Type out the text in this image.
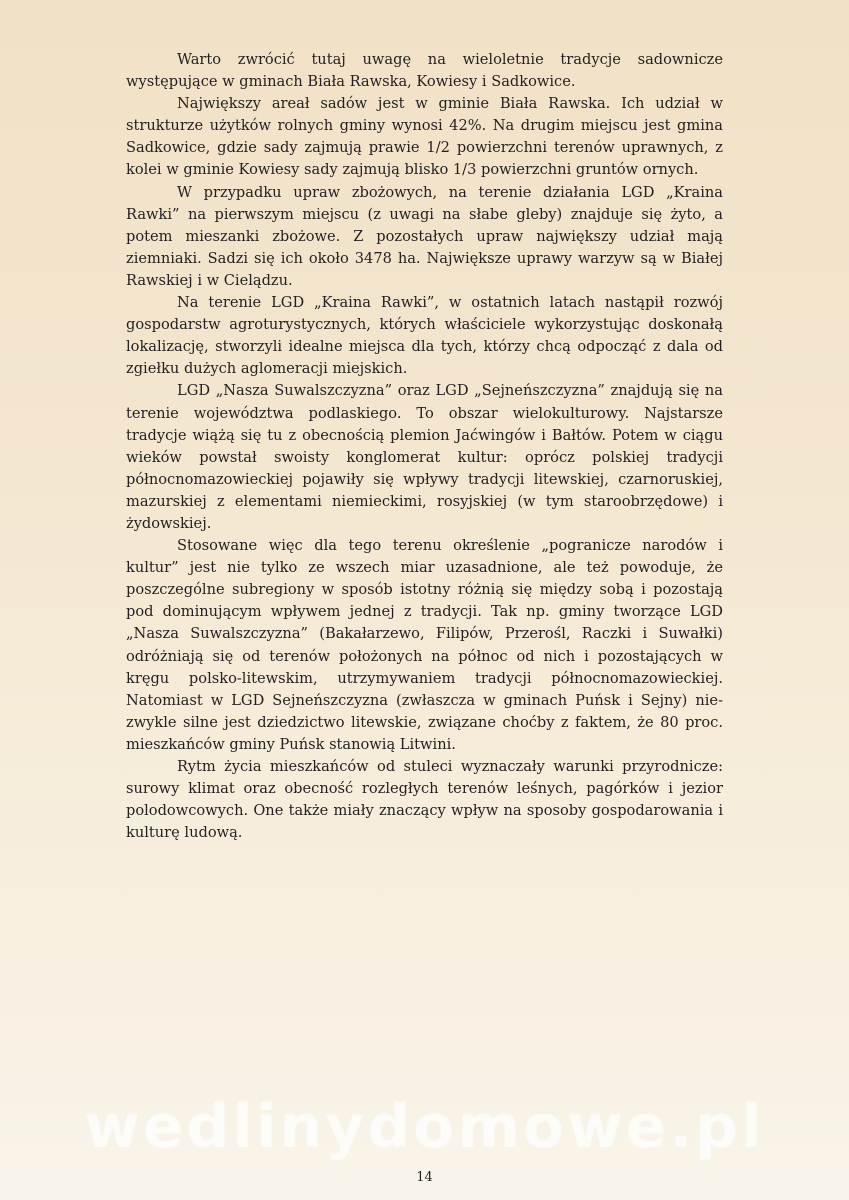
Warto zwrócić tutaj uwagę na wieloletnie tradycje sadownicze występujące w gminach Biała Rawska, Kowiesy i Sadkowice.

Największy areał sadów jest w gminie Biała Rawska. Ich udział w strukturze użytków rolnych gminy wynosi 42%. Na drugim miejscu jest gmina Sadkowice, gdzie sady zajmują prawie 1/2 powierzchni terenów uprawnych, z kolei w gminie Kowiesy sady zajmują blisko 1/3 powierzchni gruntów ornych.

W przypadku upraw zbożowych, na terenie działania LGD „Kraina Rawki” na pierwszym miejscu (z uwagi na słabe gleby) znajduje się żyto, a potem mieszanki zbożowe. Z pozostałych upraw największy udział mają ziemniaki. Sadzi się ich około 3478 ha. Największe uprawy warzyw są w Białej Rawskiej i w Cielądzu.

Na terenie LGD „Kraina Rawki”, w ostatnich latach nastąpił rozwój gospodarstw agroturystycznych, których właściciele wykorzystując doskonałą lokalizację, stworzyli idealne miejsca dla tych, którzy chcą odpocząć z dala od zgiełku dużych aglomeracji miejskich.

LGD „Nasza Suwalszczyzna” oraz LGD „Sejneńszczyzna” znajdują się na terenie województwa podlaskiego. To obszar wielokulturowy. Najstarsze tradycje wiążą się tu z obecnością plemion Jaćwingów i Bałtów. Potem w ciągu wieków powstał swoisty konglomerat kultur: oprócz polskiej tradycji północnomazowieckiej pojawiły się wpływy tradycji litewskiej, czarnoruskiej, mazurskiej z elementami niemieckimi, rosyjskiej (w tym staroobrzędowe) i żydowskiej.

Stosowane więc dla tego terenu określenie „pogranicze narodów i kultur” jest nie tylko ze wszech miar uzasadnione, ale też powoduje, że poszczególne subregiony w sposób istotny różnią się między sobą i pozostają pod dominującym wpływem jednej z tradycji. Tak np. gminy tworzące LGD „Nasza Suwalszczyzna” (Bakałarzewo, Filipów, Przerośl, Raczki i Suwałki) odróżniają się od terenów położonych na północ od nich i pozostających w kręgu polsko-litewskim, utrzymywaniem tradycji północnomazowieckiej. Natomiast w LGD Sejneńszczyzna (zwłaszcza w gminach Puńsk i Sejny) niezwykle silne jest dziedzictwo litewskie, związane choćby z faktem, że 80 proc. mieszkańców gminy Puńsk stanowią Litwini.

Rytm życia mieszkańców od stuleci wyznaczały warunki przyrodnicze: surowy klimat oraz obecność rozległych terenów leśnych, pagórków i jezior polodowcowych. One także miały znaczący wpływ na sposoby gospodarowania i kulturę ludową.

wedlinydomowe.pl
14
